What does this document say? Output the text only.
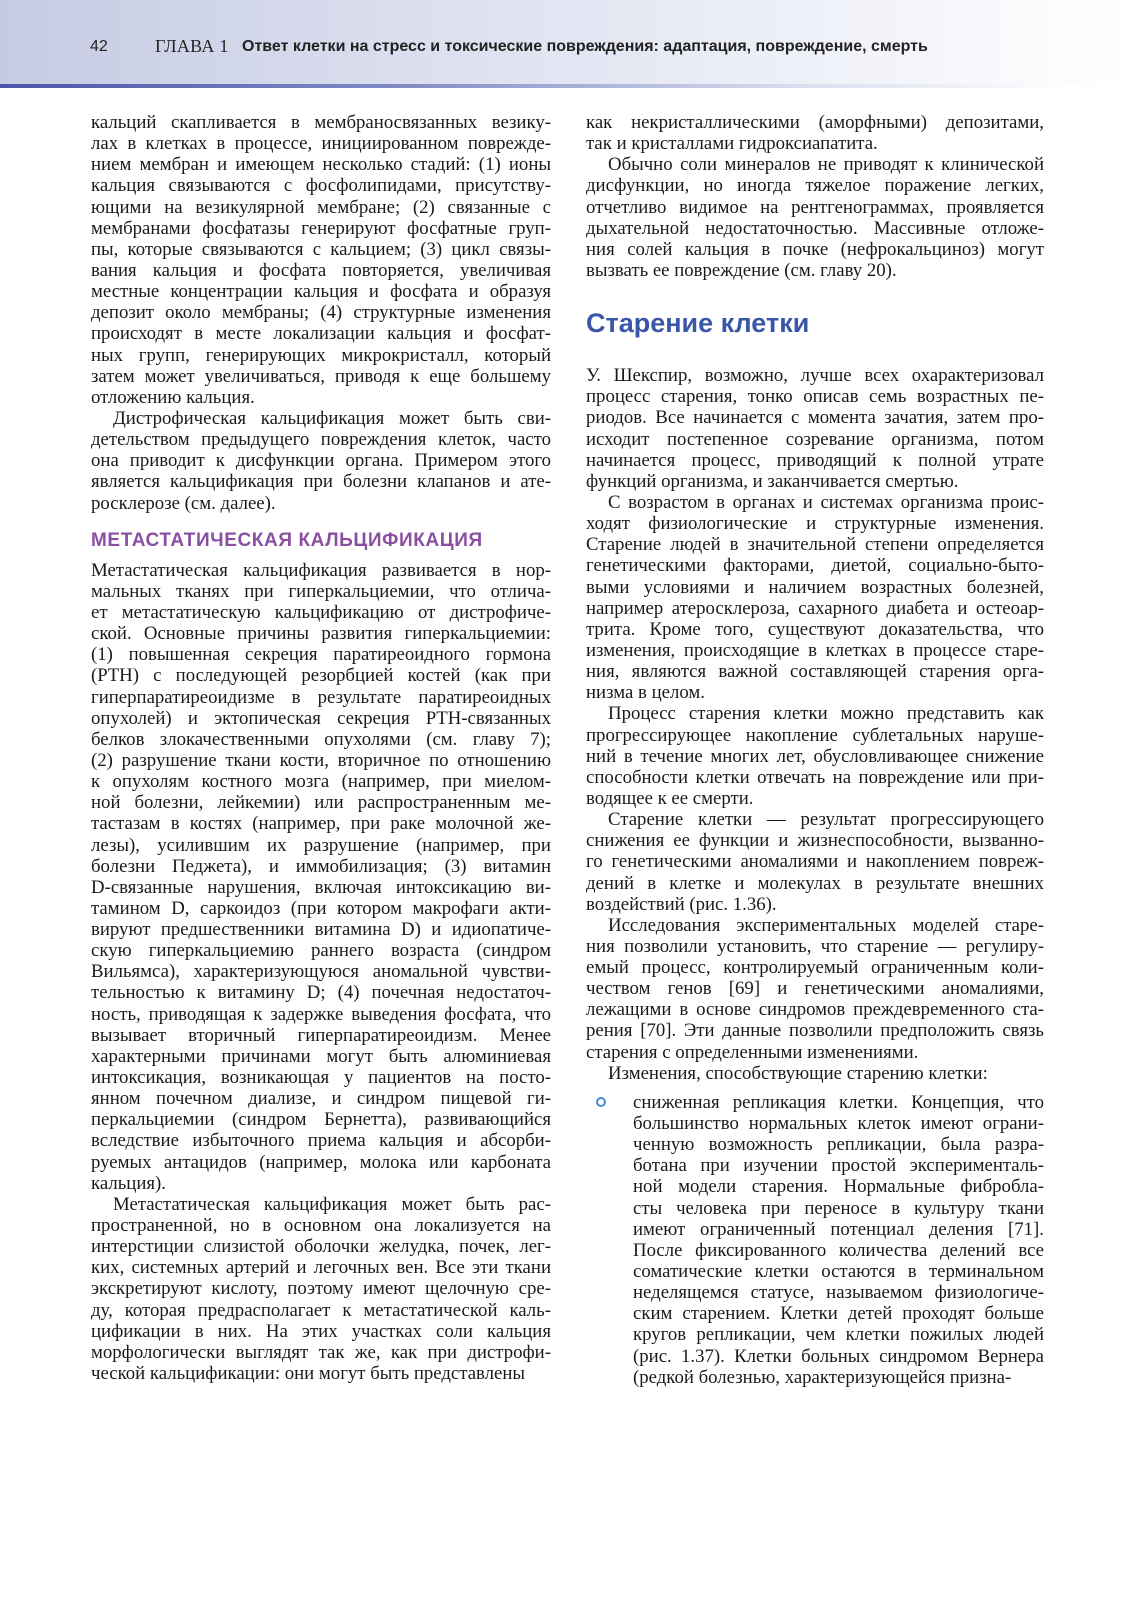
42	ГЛАВА 1 Ответ клетки на стресс и токсические повреждения: адаптация, повреждение, смерть
кальций скапливается в мембраносвязанных везику-
лах в клетках в процессе, инициированном поврежде-
нием мембран и имеющем несколько стадий: (1) ионы
кальция связываются с фосфолипидами, присутству-
ющими на везикулярной мембране; (2) связанные с
мембранами фосфатазы генерируют фосфатные груп-
пы, которые связываются с кальцием; (3) цикл связы-
вания кальция и фосфата повторяется, увеличивая
местные концентрации кальция и фосфата и образуя
депозит около мембраны; (4) структурные изменения
происходят в месте локализации кальция и фосфат-
ных групп, генерирующих микрокристалл, который
затем может увеличиваться, приводя к еще большему
отложению кальция.
Дистрофическая кальцификация может быть сви-
детельством предыдущего повреждения клеток, часто
она приводит к дисфункции органа. Примером этого
является кальцификация при болезни клапанов и ате-
росклерозе (см. далее).
МЕТАСТАТИЧЕСКАЯ КАЛЬЦИФИКАЦИЯ
Метастатическая кальцификация развивается в нор-
мальных тканях при гиперкальциемии, что отлича-
ет метастатическую кальцификацию от дистрофиче-
ской. Основные причины развития гиперкальциемии:
(1) повышенная секреция паратиреоидного гормона
(PTH) с последующей резорбцией костей (как при
гиперпаратиреоидизме в результате паратиреоидных
опухолей) и эктопическая секреция PTH-связанных
белков злокачественными опухолями (см. главу 7);
(2) разрушение ткани кости, вторичное по отношению
к опухолям костного мозга (например, при миелом-
ной болезни, лейкемии) или распространенным ме-
тастазам в костях (например, при раке молочной же-
лезы), усилившим их разрушение (например, при
болезни Педжета), и иммобилизация; (3) витамин
D-связанные нарушения, включая интоксикацию ви-
тамином D, саркоидоз (при котором макрофаги акти-
вируют предшественники витамина D) и идиопатиче-
скую гиперкальциемию раннего возраста (синдром
Вильямса), характеризующуюся аномальной чувстви-
тельностью к витамину D; (4) почечная недостаточ-
ность, приводящая к задержке выведения фосфата, что
вызывает вторичный гиперпаратиреоидизм. Менее
характерными причинами могут быть алюминиевая
интоксикация, возникающая у пациентов на посто-
янном почечном диализе, и синдром пищевой ги-
перкальциемии (синдром Бернетта), развивающийся
вследствие избыточного приема кальция и абсорби-
руемых антацидов (например, молока или карбоната
кальция).
Метастатическая кальцификация может быть рас-
пространенной, но в основном она локализуется на
интерстиции слизистой оболочки желудка, почек, лег-
ких, системных артерий и легочных вен. Все эти ткани
экскретируют кислоту, поэтому имеют щелочную сре-
ду, которая предрасполагает к метастатической каль-
цификации в них. На этих участках соли кальция
морфологически выглядят так же, как при дистрофи-
ческой кальцификации: они могут быть представлены
как некристаллическими (аморфными) депозитами,
так и кристаллами гидроксиапатита.
Обычно соли минералов не приводят к клинической
дисфункции, но иногда тяжелое поражение легких,
отчетливо видимое на рентгенограммах, проявляется
дыхательной недостаточностью. Массивные отложе-
ния солей кальция в почке (нефрокальциноз) могут
вызвать ее повреждение (см. главу 20).
Старение клетки
У. Шекспир, возможно, лучше всех охарактеризовал
процесс старения, тонко описав семь возрастных пе-
риодов. Все начинается с момента зачатия, затем про-
исходит постепенное созревание организма, потом
начинается процесс, приводящий к полной утрате
функций организма, и заканчивается смертью.
С возрастом в органах и системах организма проис-
ходят физиологические и структурные изменения.
Старение людей в значительной степени определяется
генетическими факторами, диетой, социально-быто-
выми условиями и наличием возрастных болезней,
например атеросклероза, сахарного диабета и остеоар-
трита. Кроме того, существуют доказательства, что
изменения, происходящие в клетках в процессе старе-
ния, являются важной составляющей старения орга-
низма в целом.
Процесс старения клетки можно представить как
прогрессирующее накопление сублетальных наруше-
ний в течение многих лет, обусловливающее снижение
способности клетки отвечать на повреждение или при-
водящее к ее смерти.
Старение клетки — результат прогрессирующего
снижения ее функции и жизнеспособности, вызванно-
го генетическими аномалиями и накоплением повреж-
дений в клетке и молекулах в результате внешних
воздействий (рис. 1.36).
Исследования экспериментальных моделей старе-
ния позволили установить, что старение — регулиру-
емый процесс, контролируемый ограниченным коли-
чеством генов [69] и генетическими аномалиями,
лежащими в основе синдромов преждевременного ста-
рения [70]. Эти данные позволили предположить связь
старения с определенными изменениями.
Изменения, способствующие старению клетки:
сниженная репликация клетки. Концепция, что
большинство нормальных клеток имеют ограни-
ченную возможность репликации, была разра-
ботана при изучении простой эксперименталь-
ной модели старения. Нормальные фибробла-
сты человека при переносе в культуру ткани
имеют ограниченный потенциал деления [71].
После фиксированного количества делений все
соматические клетки остаются в терминальном
неделящемся статусе, называемом физиологиче-
ским старением. Клетки детей проходят больше
кругов репликации, чем клетки пожилых людей
(рис. 1.37). Клетки больных синдромом Вернера
(редкой болезнью, характеризующейся призна-
